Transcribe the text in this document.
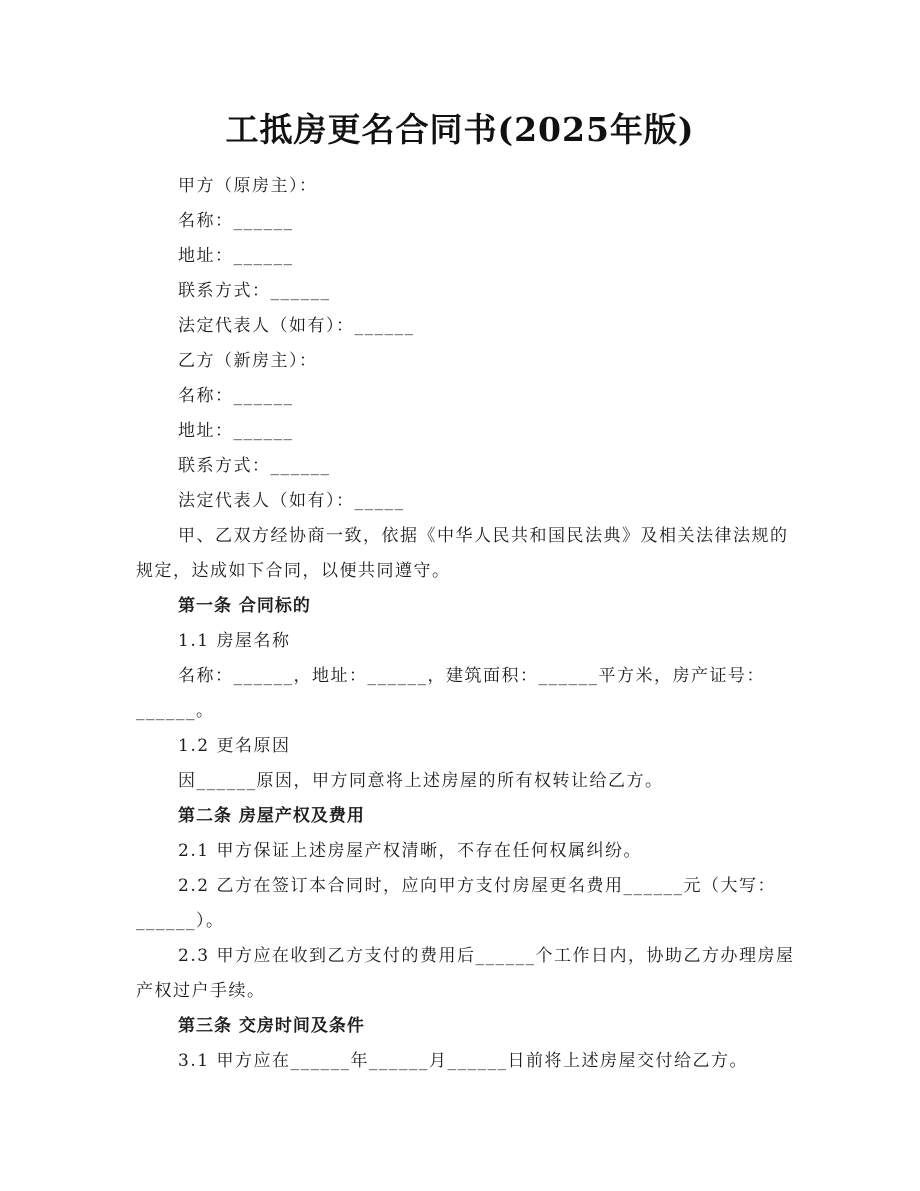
工抵房更名合同书(2025年版)
甲方（原房主）：
名称：______
地址：______
联系方式：______
法定代表人（如有）：______
乙方（新房主）：
名称：______
地址：______
联系方式：______
法定代表人（如有）：_____
甲、乙双方经协商一致，依据《中华人民共和国民法典》及相关法律法规的
规定，达成如下合同，以便共同遵守。
第一条 合同标的
1.1 房屋名称
名称：______，地址：______，建筑面积：______平方米，房产证号：
______。
1.2 更名原因
因______原因，甲方同意将上述房屋的所有权转让给乙方。
第二条 房屋产权及费用
2.1 甲方保证上述房屋产权清晰，不存在任何权属纠纷。
2.2 乙方在签订本合同时，应向甲方支付房屋更名费用______元（大写：
______）。
2.3 甲方应在收到乙方支付的费用后______个工作日内，协助乙方办理房屋
产权过户手续。
第三条 交房时间及条件
3.1 甲方应在______年______月______日前将上述房屋交付给乙方。
